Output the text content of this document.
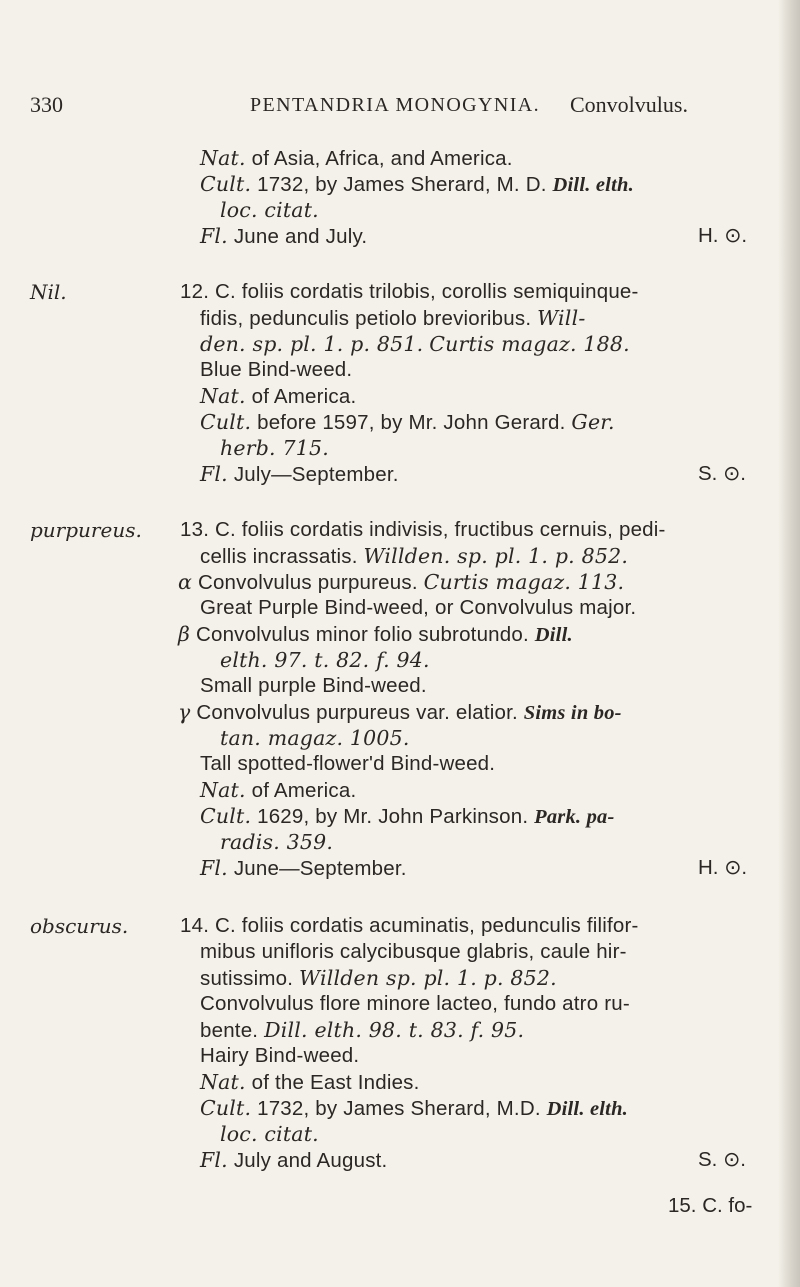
330	PENTANDRIA MONOGYNIA. Convolvulus.
Nat. of Asia, Africa, and America.
Cult. 1732, by James Sherard, M. D. Dill. elth.
loc. citat.
Fl. June and July.	H. ⊙.
Nil.	12. C. foliis cordatis trilobis, corollis semiquinque-
fidis, pedunculis petiolo brevioribus. Will-
den. sp. pl. 1. p. 851. Curtis magaz. 188.
Blue Bind-weed.
Nat. of America.
Cult. before 1597, by Mr. John Gerard. Ger.
herb. 715.
Fl. July—September.	S. ⊙.
purpureus. 13. C. foliis cordatis indivisis, fructibus cernuis, pedi-
cellis incrassatis. Willden. sp. pl. 1. p. 852.
α Convolvulus purpureus. Curtis magaz. 113.
Great Purple Bind-weed, or Convolvulus major.
β Convolvulus minor folio subrotundo. Dill.
elth. 97. t. 82. f. 94.
Small purple Bind-weed.
γ Convolvulus purpureus var. elatior. Sims in bo-
tan. magaz. 1005.
Tall spotted-flower'd Bind-weed.
Nat. of America.
Cult. 1629, by Mr. John Parkinson. Park. pa-
radis. 359.
Fl. June—September.	H. ⊙.
obscurus.	14. C. foliis cordatis acuminatis, pedunculis filifor-
mibus unifloris calycibusque glabris, caule hir-
sutissimo. Willden sp. pl. 1. p. 852.
Convolvulus flore minore lacteo, fundo atro ru-
bente. Dill. elth. 98. t. 83. f. 95.
Hairy Bind-weed.
Nat. of the East Indies.
Cult. 1732, by James Sherard, M.D. Dill. elth.
loc. citat.
Fl. July and August.	S. ⊙.
15. C. fo-
